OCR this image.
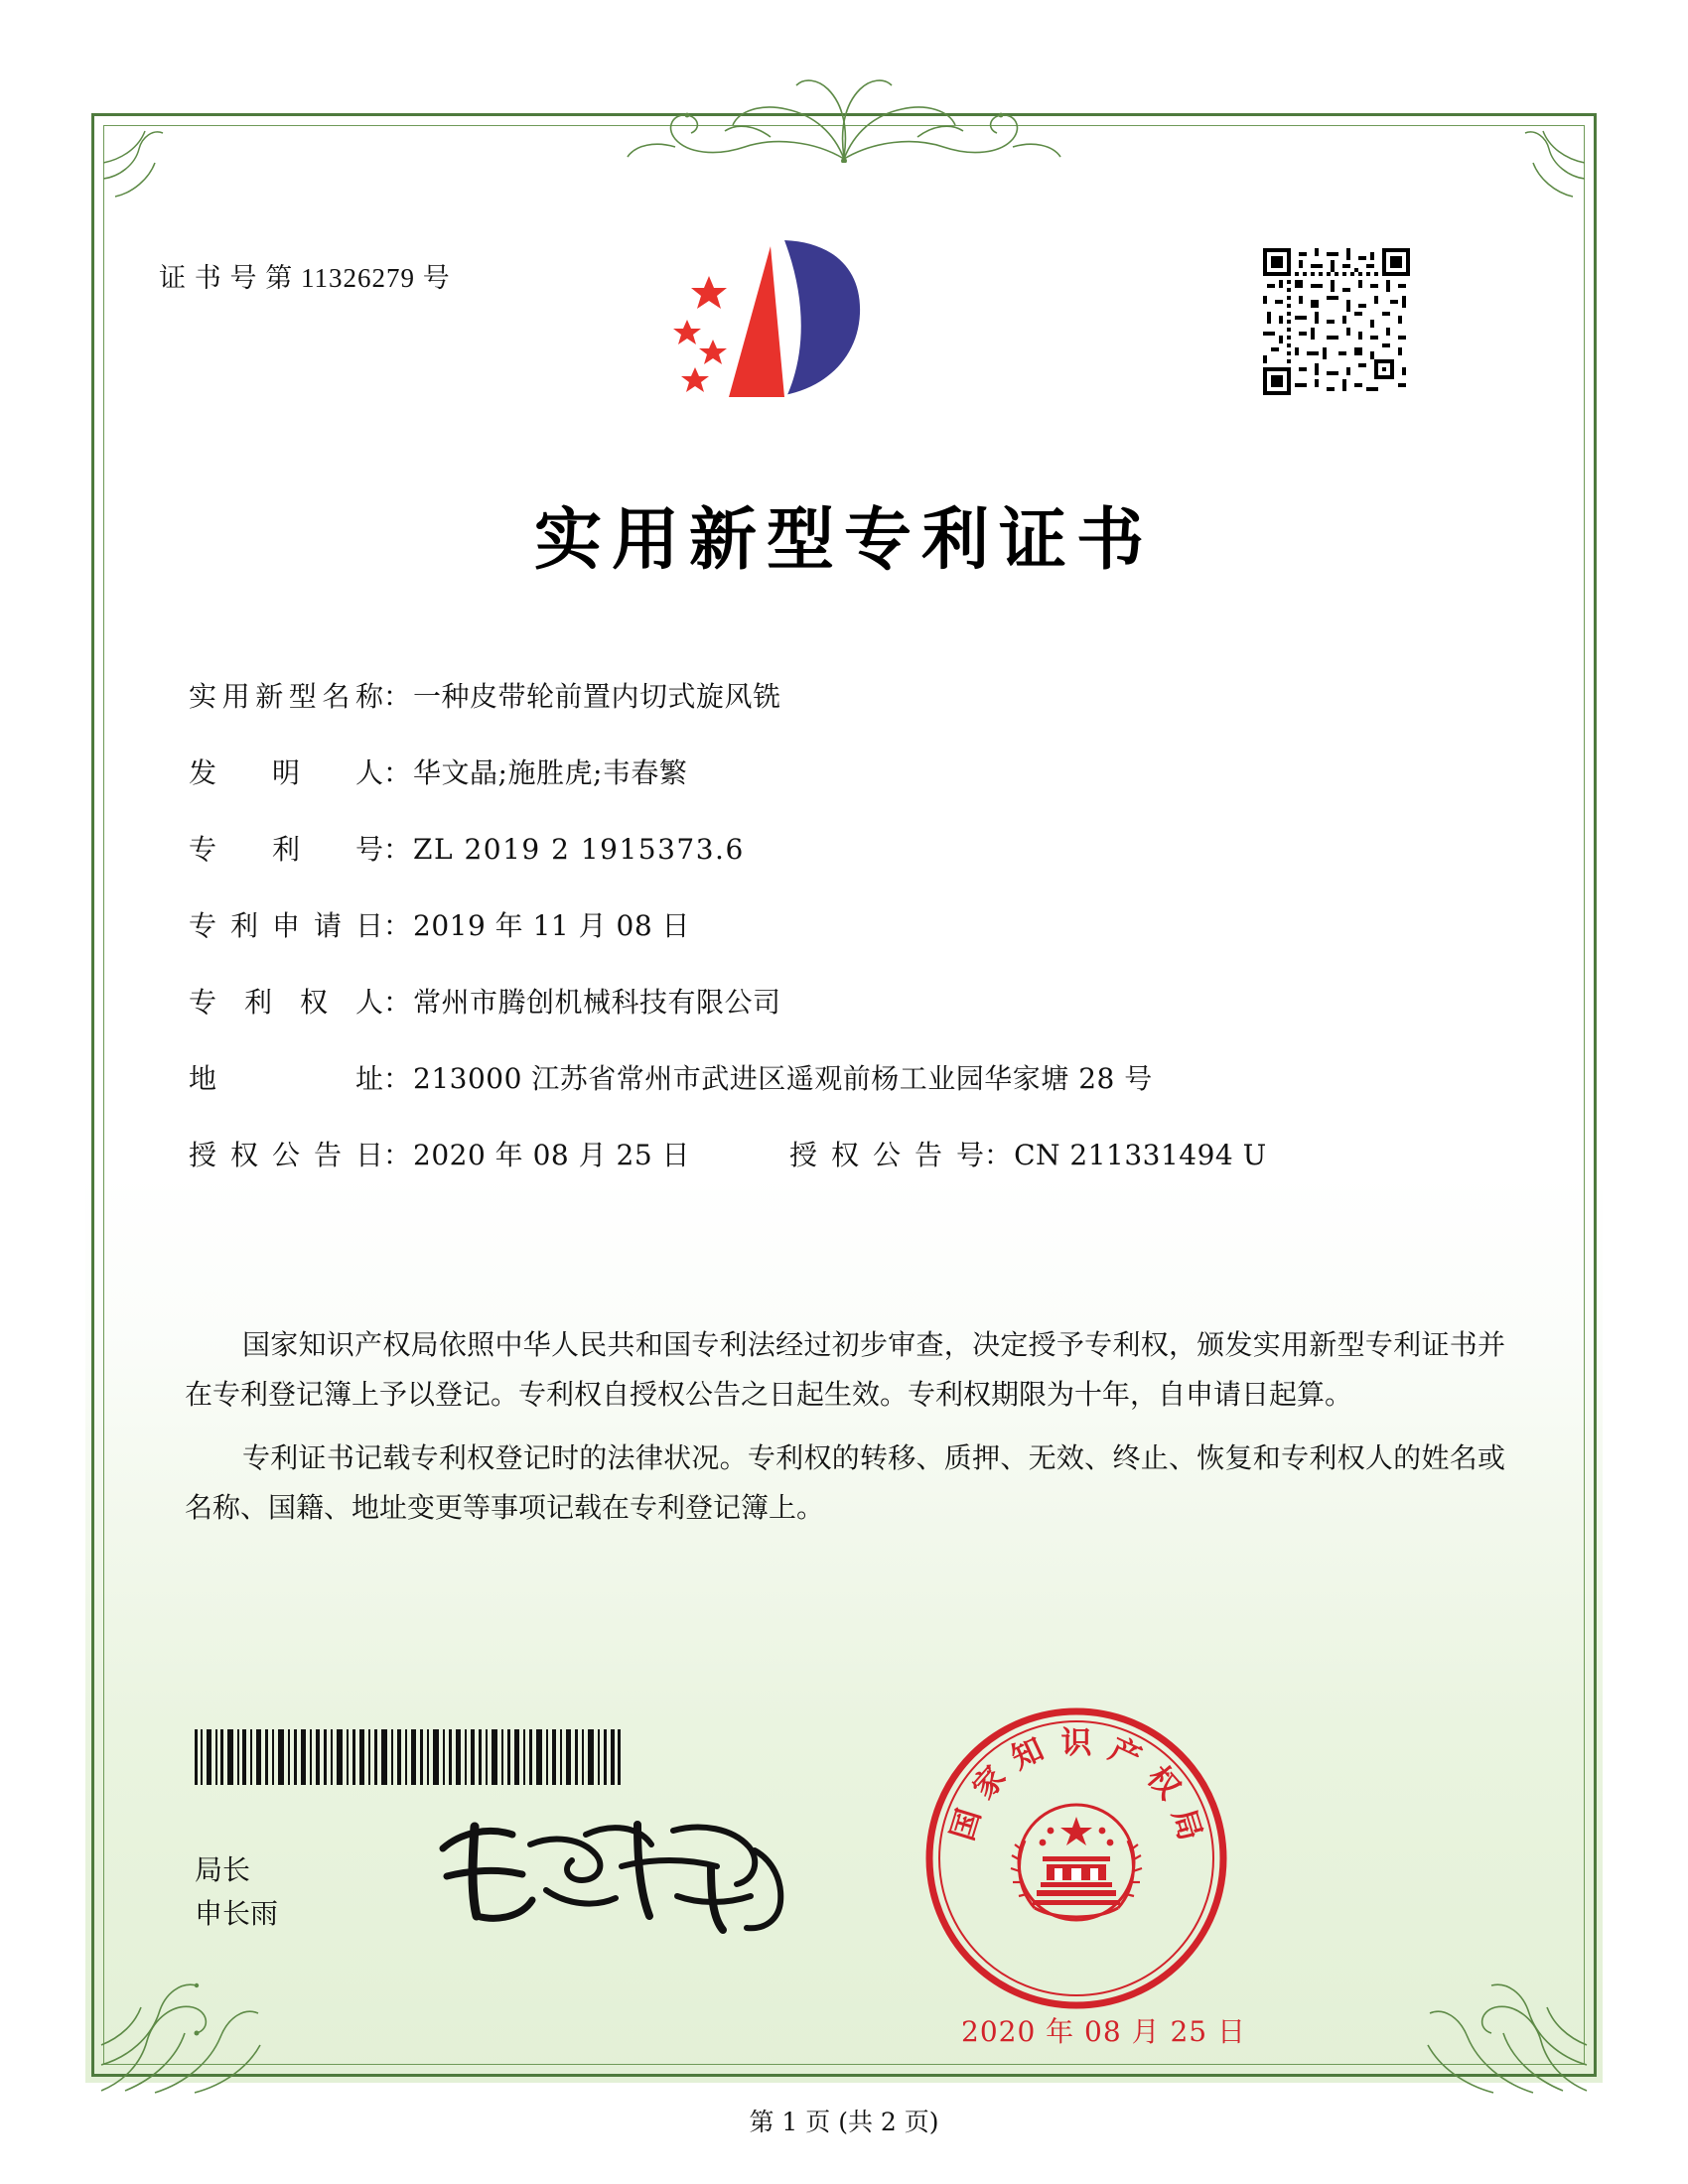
证 书 号 第 11326279 号
实用新型专利证书
实用新型名称 ： 一种皮带轮前置内切式旋风铣
发明人 ： 华文晶;施胜虎;韦春繁
专利号 ： ZL 2019 2 1915373.6
专利申请日 ： 2019 年 11 月 08 日
专利权人 ： 常州市腾创机械科技有限公司
地址 ： 213000 江苏省常州市武进区遥观前杨工业园华家塘 28 号
授权公告日 ： 2020 年 08 月 25 日	授权公告号 ： CN 211331494 U

国家知识产权局依照中华人民共和国专利法经过初步审查，决定授予专利权，颁发实用新型专利证书并在专利登记簿上予以登记。专利权自授权公告之日起生效。专利权期限为十年，自申请日起算。

专利证书记载专利权登记时的法律状况。专利权的转移、质押、无效、终止、恢复和专利权人的姓名或名称、国籍、地址变更等事项记载在专利登记簿上。

局长
申长雨
国
家
知 识 产
权
局
2020 年 08 月 25 日
第 1 页 (共 2 页)
